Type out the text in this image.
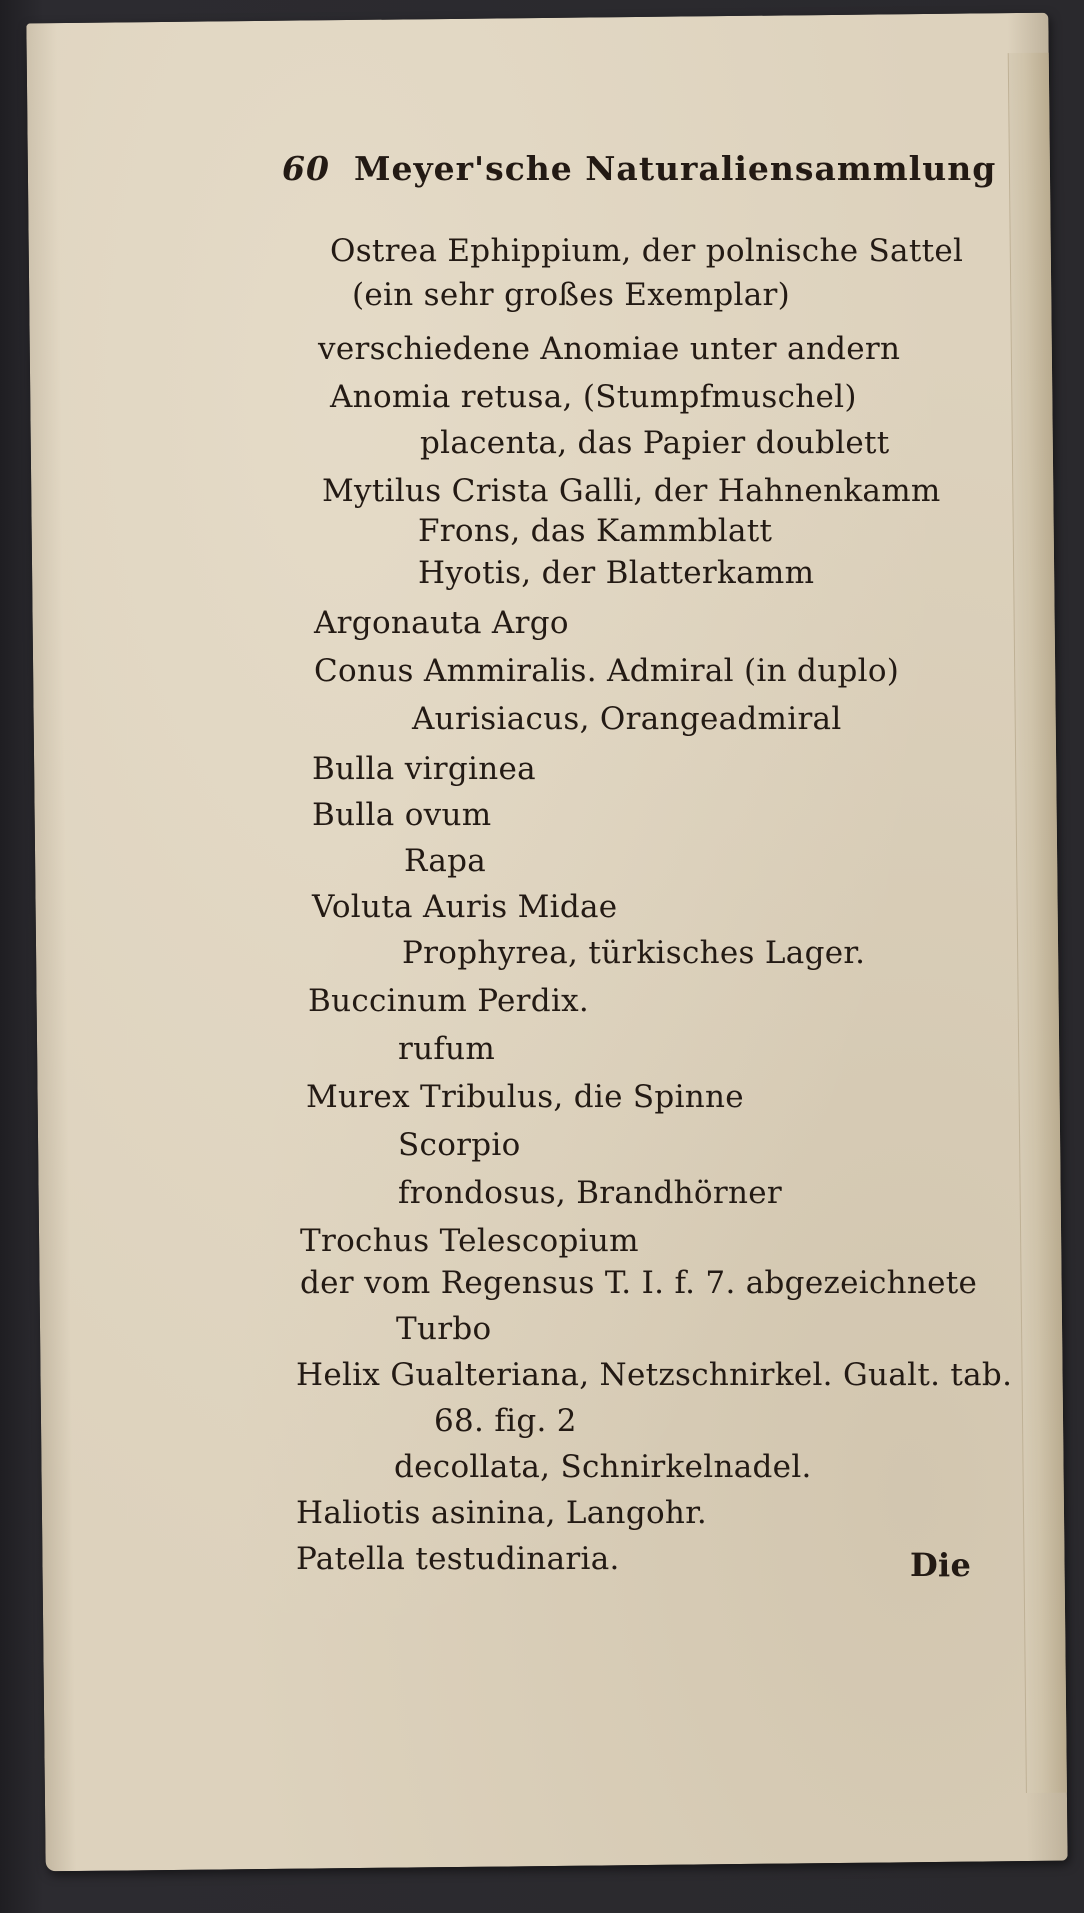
60 Meyer'sche Naturaliensammlung
Ostrea Ephippium, der polnische Sattel
(ein sehr großes Exemplar)
verschiedene Anomiae unter andern
Anomia retusa, (Stumpfmuschel)
placenta, das Papier doublett
Mytilus Crista Galli, der Hahnenkamm
Frons, das Kammblatt
Hyotis, der Blatterkamm
Argonauta Argo
Conus Ammiralis. Admiral (in duplo)
Aurisiacus, Orangeadmiral
Bulla virginea
Bulla ovum
Rapa
Voluta Auris Midae
Prophyrea, türkisches Lager.
Buccinum Perdix.
rufum
Murex Tribulus, die Spinne
Scorpio
frondosus, Brandhörner
Trochus Telescopium
der vom Regensus T. I. f. 7. abgezeichnete
Turbo
Helix Gualteriana, Netzschnirkel. Gualt. tab.
68. fig. 2
decollata, Schnirkelnadel.
Haliotis asinina, Langohr.
Patella testudinaria.	Die
